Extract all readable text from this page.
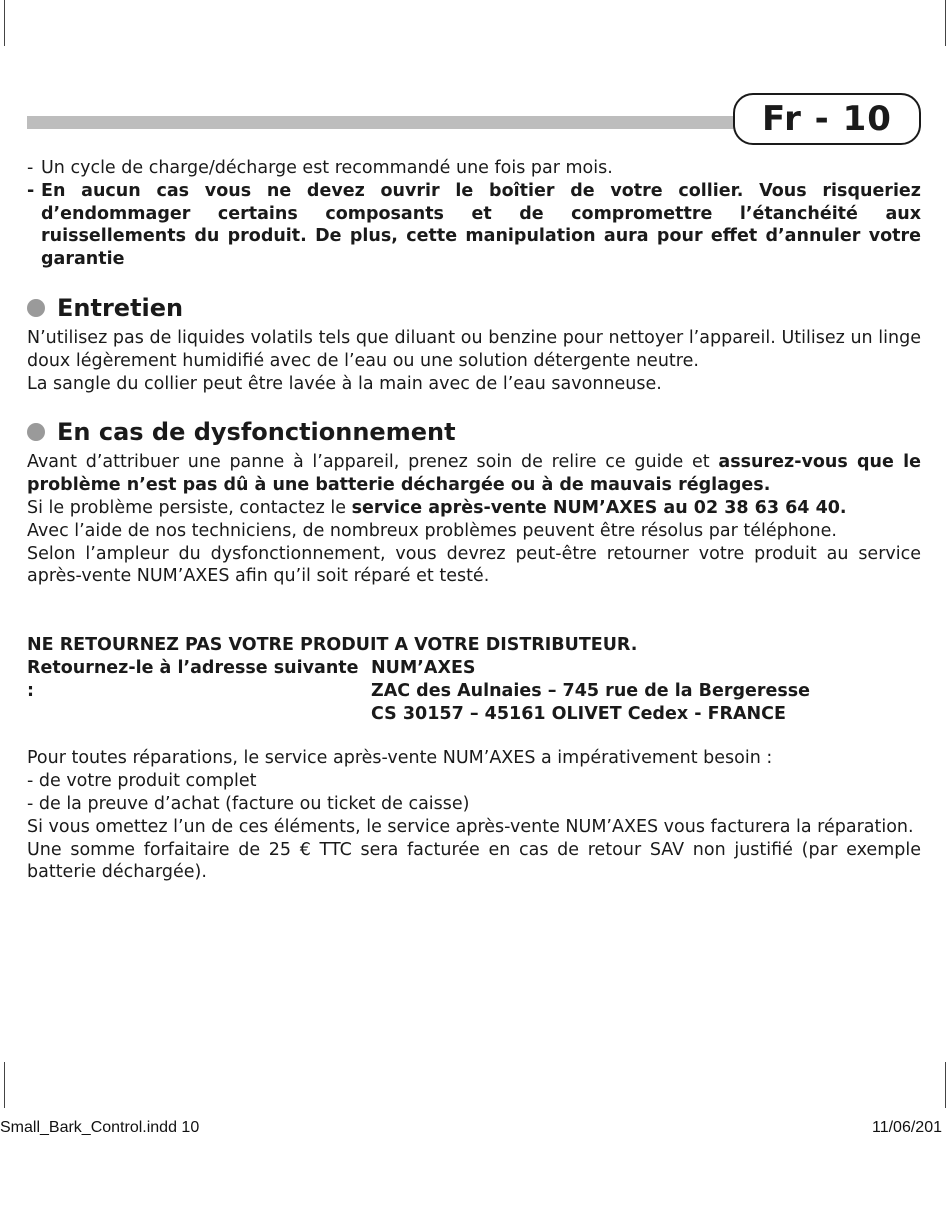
Fr - 10
- Un cycle de charge/décharge est recommandé une fois par mois.
- En aucun cas vous ne devez ouvrir le boîtier de votre collier. Vous risqueriez d’endommager certains composants et de compromettre l’étanchéité aux ruissellements du produit. De plus, cette manipulation aura pour effet d’annuler votre garantie
Entretien

N’utilisez pas de liquides volatils tels que diluant ou benzine pour nettoyer l’appareil. Utilisez un linge doux légèrement humidifié avec de l’eau ou une solution détergente neutre.

La sangle du collier peut être lavée à la main avec de l’eau savonneuse.

En cas de dysfonctionnement

Avant d’attribuer une panne à l’appareil, prenez soin de relire ce guide et assurez-vous que le problème n’est pas dû à une batterie déchargée ou à de mauvais réglages.

Si le problème persiste, contactez le service après-vente NUM’AXES au 02 38 63 64 40.

Avec l’aide de nos techniciens, de nombreux problèmes peuvent être résolus par téléphone.

Selon l’ampleur du dysfonctionnement, vous devrez peut-être retourner votre produit au service après-vente NUM’AXES afin qu’il soit réparé et testé.

NE RETOURNEZ PAS VOTRE PRODUIT A VOTRE DISTRIBUTEUR.

Retournez-le à l’adresse suivante :
NUM’AXES
ZAC des Aulnaies – 745 rue de la Bergeresse
CS 30157 – 45161 OLIVET Cedex - FRANCE

Pour toutes réparations, le service après-vente NUM’AXES a impérativement besoin :

- de votre produit complet

- de la preuve d’achat (facture ou ticket de caisse)

Si vous omettez l’un de ces éléments, le service après-vente NUM’AXES vous facturera la réparation.

Une somme forfaitaire de 25 € TTC sera facturée en cas de retour SAV non justifié (par exemple batterie déchargée).

Small_Bark_Control.indd 10	11/06/201
